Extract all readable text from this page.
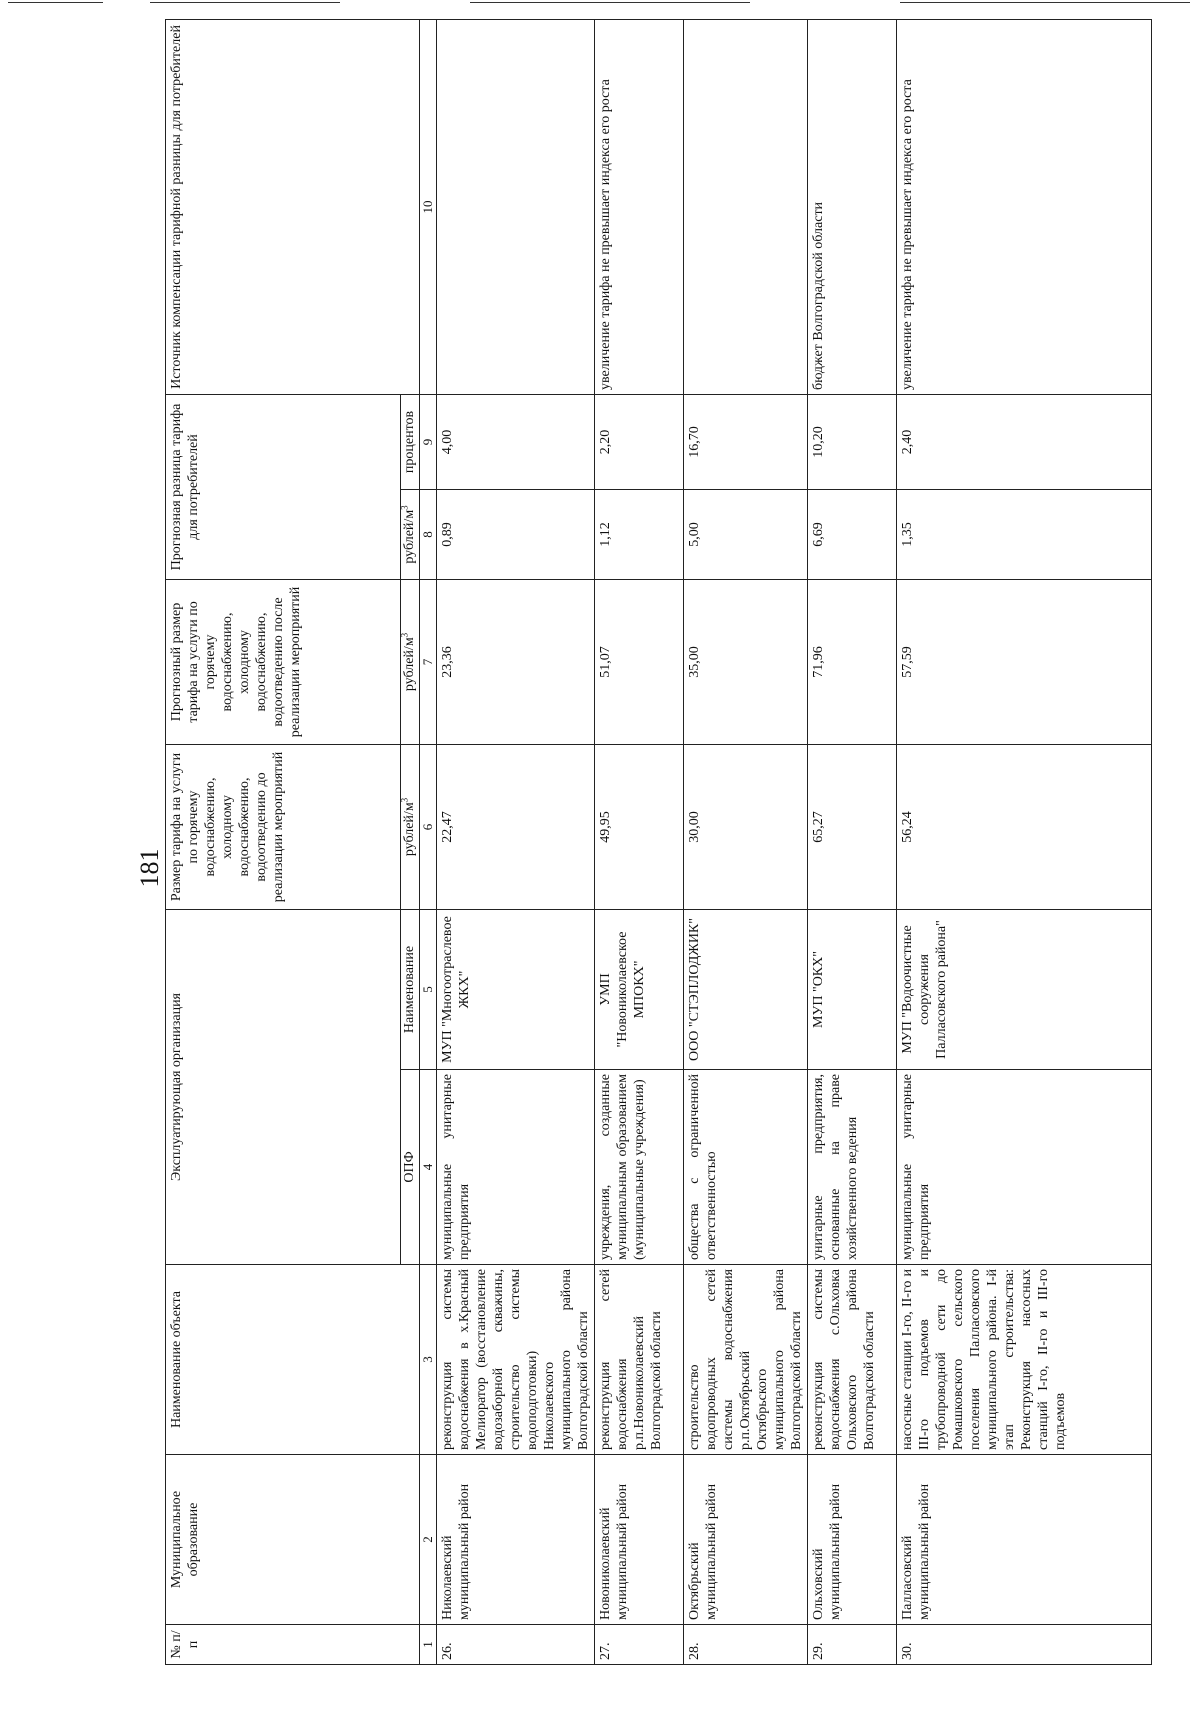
181
№ п/п	Муниципальное образование	Наименование объекта	Эксплуатирующая организация		Размер тарифа на услуги по горячему водоснабжению, холодному водоснабжению, водоотведению до реализации мероприятий	Прогнозный размер тарифа на услуги по горячему водоснабжению, холодному водоснабжению, водоотведению после реализации мероприятий	Прогнозная разница тарифа для потребителей		Источник компенсации тарифной разницы для потребителей
			ОПФ	Наименование	рублей/$м^3$	рублей/$м^3$	рублей/$м^3$	процентов	
1	2	3	4	5	6	7	8	9	10
26.	Николаевский муниципальный район	реконструкция системы водоснабжения в х.Красный Мелиоратор (восстановление водозаборной скважины, строительство системы водоподготовки) Николаевского муниципального района Волгоградской области	муниципальные унитарные предприятия	МУП "Многоотраслевое ЖКХ"	22,47	23,36	0,89	4,00	
27.	Новониколаевский муниципальный район	реконструкция сетей водоснабжения р.п.Новониколаевский Волгоградской области	учреждения, созданные муниципальным образованием (муниципальные учреждения)	УМП "Новониколаевское МПОКХ"	49,95	51,07	1,12	2,20	увеличение тарифа не превышает индекса его роста
28.	Октябрьский муниципальный район	строительство водопроводных сетей системы водоснабжения р.п.Октябрьский Октябрьского муниципального района Волгоградской области	общества с ограниченной ответственностью	ООО "СТЭПЛОДЖИК"	30,00	35,00	5,00	16,70	
29.	Ольховский муниципальный район	реконструкция системы водоснабжения с.Ольховка Ольховского района Волгоградской области	унитарные предприятия, основанные на праве хозяйственного ведения	МУП "ОКХ"	65,27	71,96	6,69	10,20	бюджет Волгоградской области
30.	Палласовский муниципальный район	насосные станции I-го, II-го и III-го подъемов и трубопроводной сети до Ромашковского сельского поселения Палласовского муниципального района. I-й этап строительства: Реконструкция насосных станций I-го, II-го и III-го подъемов	муниципальные унитарные предприятия	МУП "Водоочистные сооружения Палласовского района"	56,24	57,59	1,35	2,40	увеличение тарифа не превышает индекса его роста
